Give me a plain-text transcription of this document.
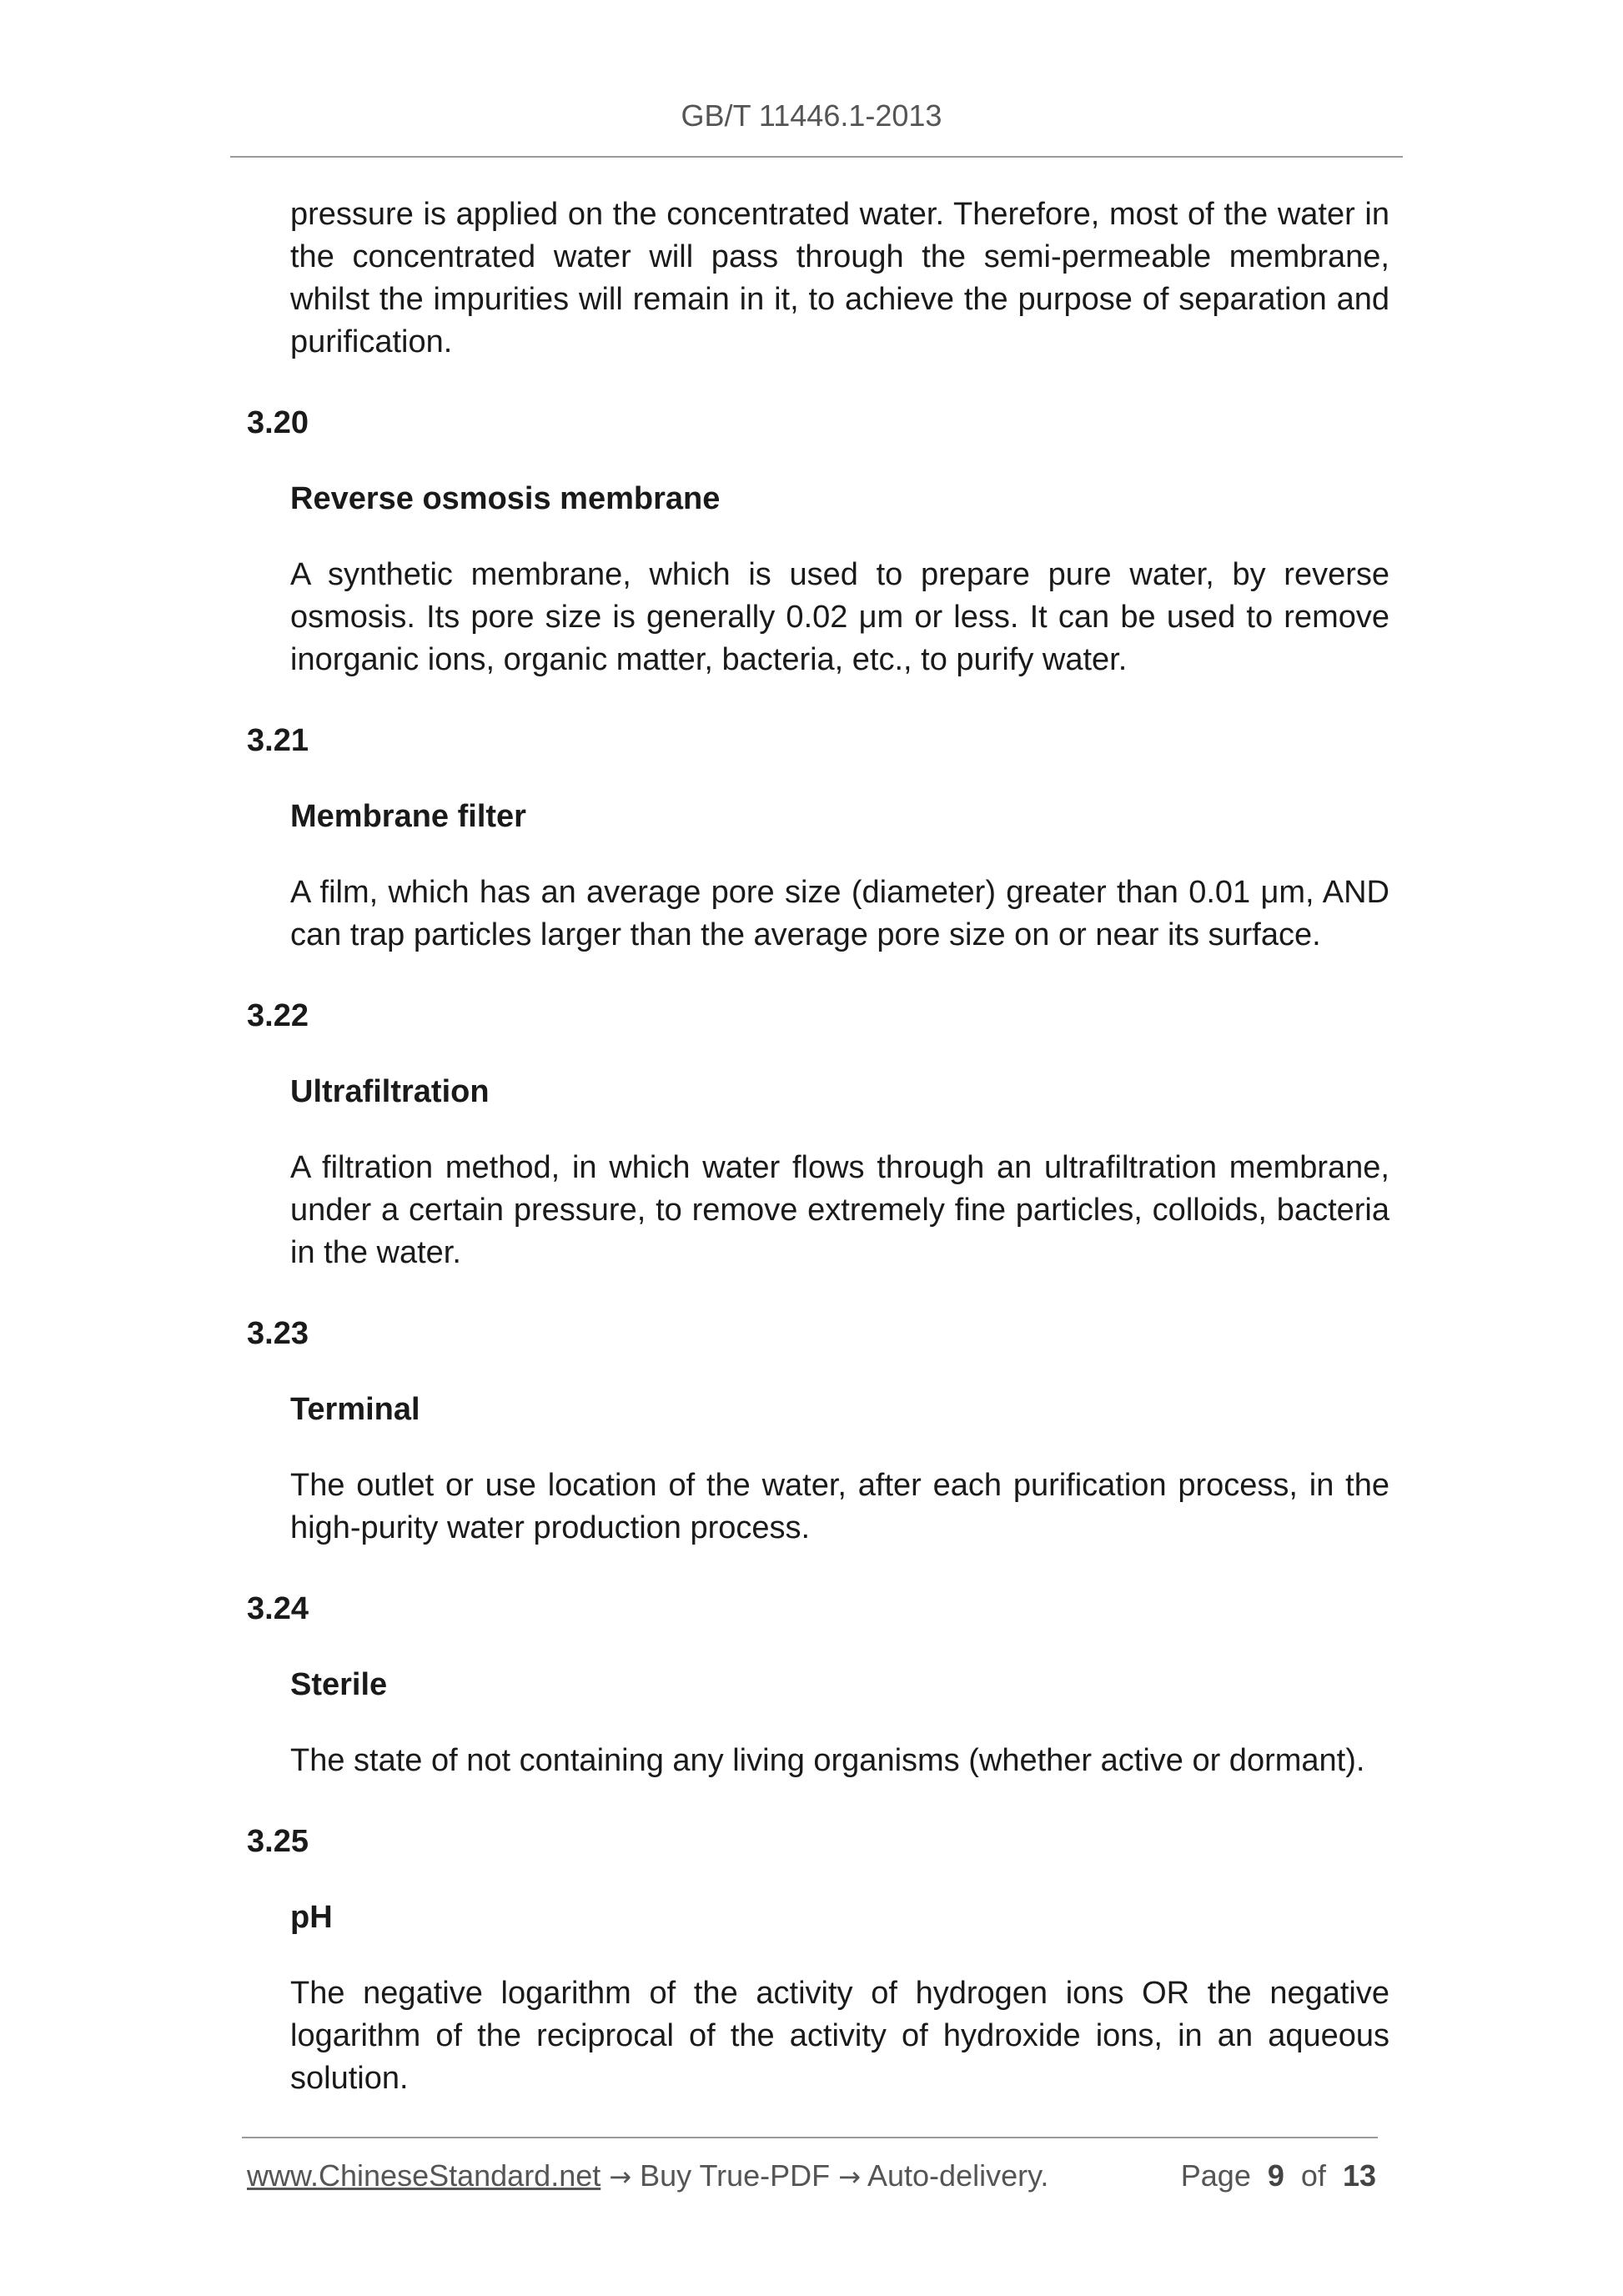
GB/T 11446.1-2013

pressure is applied on the concentrated water. Therefore, most of the water in the concentrated water will pass through the semi-permeable membrane, whilst the impurities will remain in it, to achieve the purpose of separation and purification.

3.20
Reverse osmosis membrane

A synthetic membrane, which is used to prepare pure water, by reverse osmosis. Its pore size is generally 0.02 μm or less. It can be used to remove inorganic ions, organic matter, bacteria, etc., to purify water.

3.21
Membrane filter

A film, which has an average pore size (diameter) greater than 0.01 μm, AND can trap particles larger than the average pore size on or near its surface.

3.22
Ultrafiltration

A filtration method, in which water flows through an ultrafiltration membrane, under a certain pressure, to remove extremely fine particles, colloids, bacteria in the water.

3.23
Terminal

The outlet or use location of the water, after each purification process, in the high-purity water production process.

3.24
Sterile

The state of not containing any living organisms (whether active or dormant).

3.25
pH

The negative logarithm of the activity of hydrogen ions OR the negative logarithm of the reciprocal of the activity of hydroxide ions, in an aqueous solution.

www.ChineseStandard.net → Buy True-PDF → Auto-delivery.	Page 9 of 13
